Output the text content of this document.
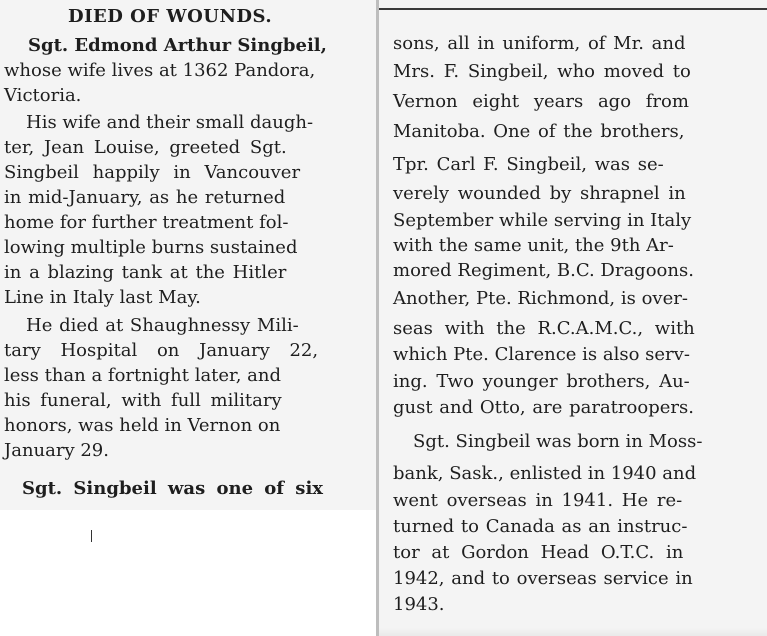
DIED OF WOUNDS.
Sgt. Edmond Arthur Singbeil,
whose wife lives at 1362 Pandora,
Victoria.
His wife and their small daugh-
ter, Jean Louise, greeted Sgt.
Singbeil happily in Vancouver
in mid-January, as he returned
home for further treatment fol-
lowing multiple burns sustained
in a blazing tank at the Hitler
Line in Italy last May.
He died at Shaughnessy Mili-
tary Hospital on January 22,
less than a fortnight later, and
his funeral, with full military
honors, was held in Vernon on
January 29.
Sgt. Singbeil was one of six
sons, all in uniform, of Mr. and
Mrs. F. Singbeil, who moved to
Vernon eight years ago from
Manitoba. One of the brothers,
Tpr. Carl F. Singbeil, was se-
verely wounded by shrapnel in
September while serving in Italy
with the same unit, the 9th Ar-
mored Regiment, B.C. Dragoons.
Another, Pte. Richmond, is over-
seas with the R.C.A.M.C., with
which Pte. Clarence is also serv-
ing. Two younger brothers, Au-
gust and Otto, are paratroopers.
Sgt. Singbeil was born in Moss-
bank, Sask., enlisted in 1940 and
went overseas in 1941. He re-
turned to Canada as an instruc-
tor at Gordon Head O.T.C. in
1942, and to overseas service in
1943.
